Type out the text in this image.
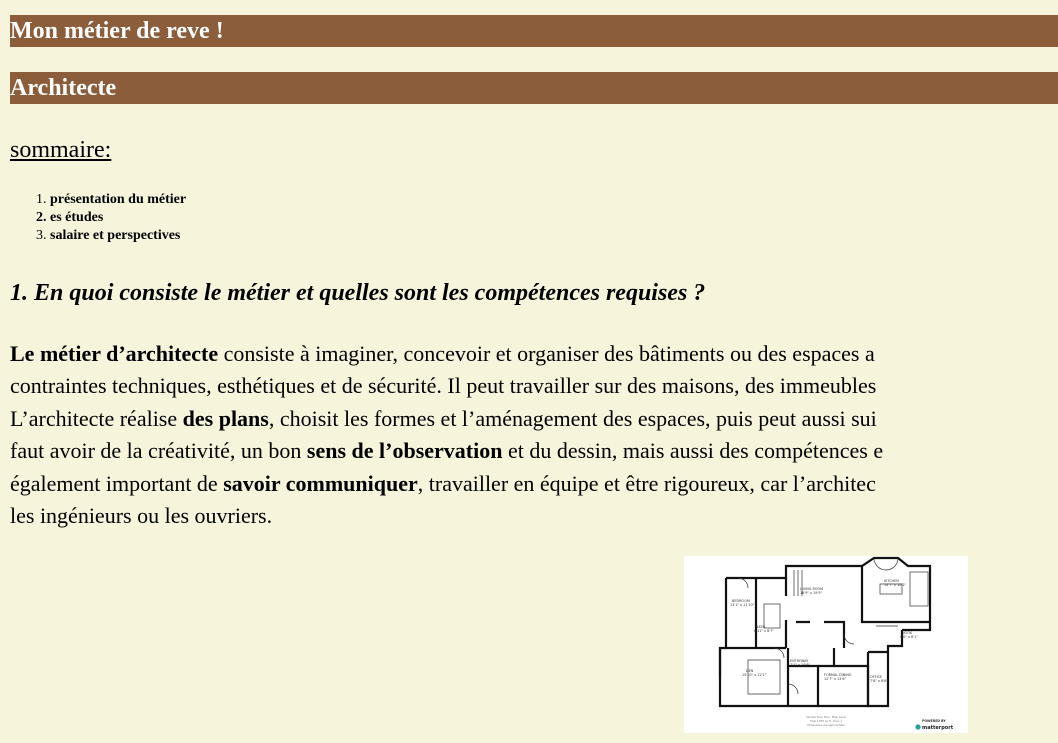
Mon métier de reve !
Architecte
sommaire:
1. présentation du métier
2. es études
3. salaire et perspectives
1. En quoi consiste le métier et quelles sont les compétences requises ?

Le métier d’architecte consiste à imaginer, concevoir et organiser des bâtiments ou des espaces a
contraintes techniques, esthétiques et de sécurité. Il peut travailler sur des maisons, des immeubles
L’architecte réalise des plans, choisit les formes et l’aménagement des espaces, puis peut aussi sui
faut avoir de la créativité, un bon sens de l’observation et du dessin, mais aussi des compétences e
également important de savoir communiquer, travailler en équipe et être rigoureux, car l’architec
les ingénieurs ou les ouvriers.

BEDROOM
13'1" x 11'10"
LIVING ROOM
18'9" x 19'5"
KITCHEN
14'7" x 10'2"
BATH
6'11" x 8'7"	NOOK
9'0" x 8'1"
DEN
15'10" x 12'1"
ENTRYWAY
7'1" x 14'6"
FORMAL DINING
12'7" x 13'6"	OFFICE
7'8" x 8'6"
Sample Floor Plan · Main Level
Total 1,855 sq ft · Floor 1
Dimensions are approximate
POWERED BY
matterport
